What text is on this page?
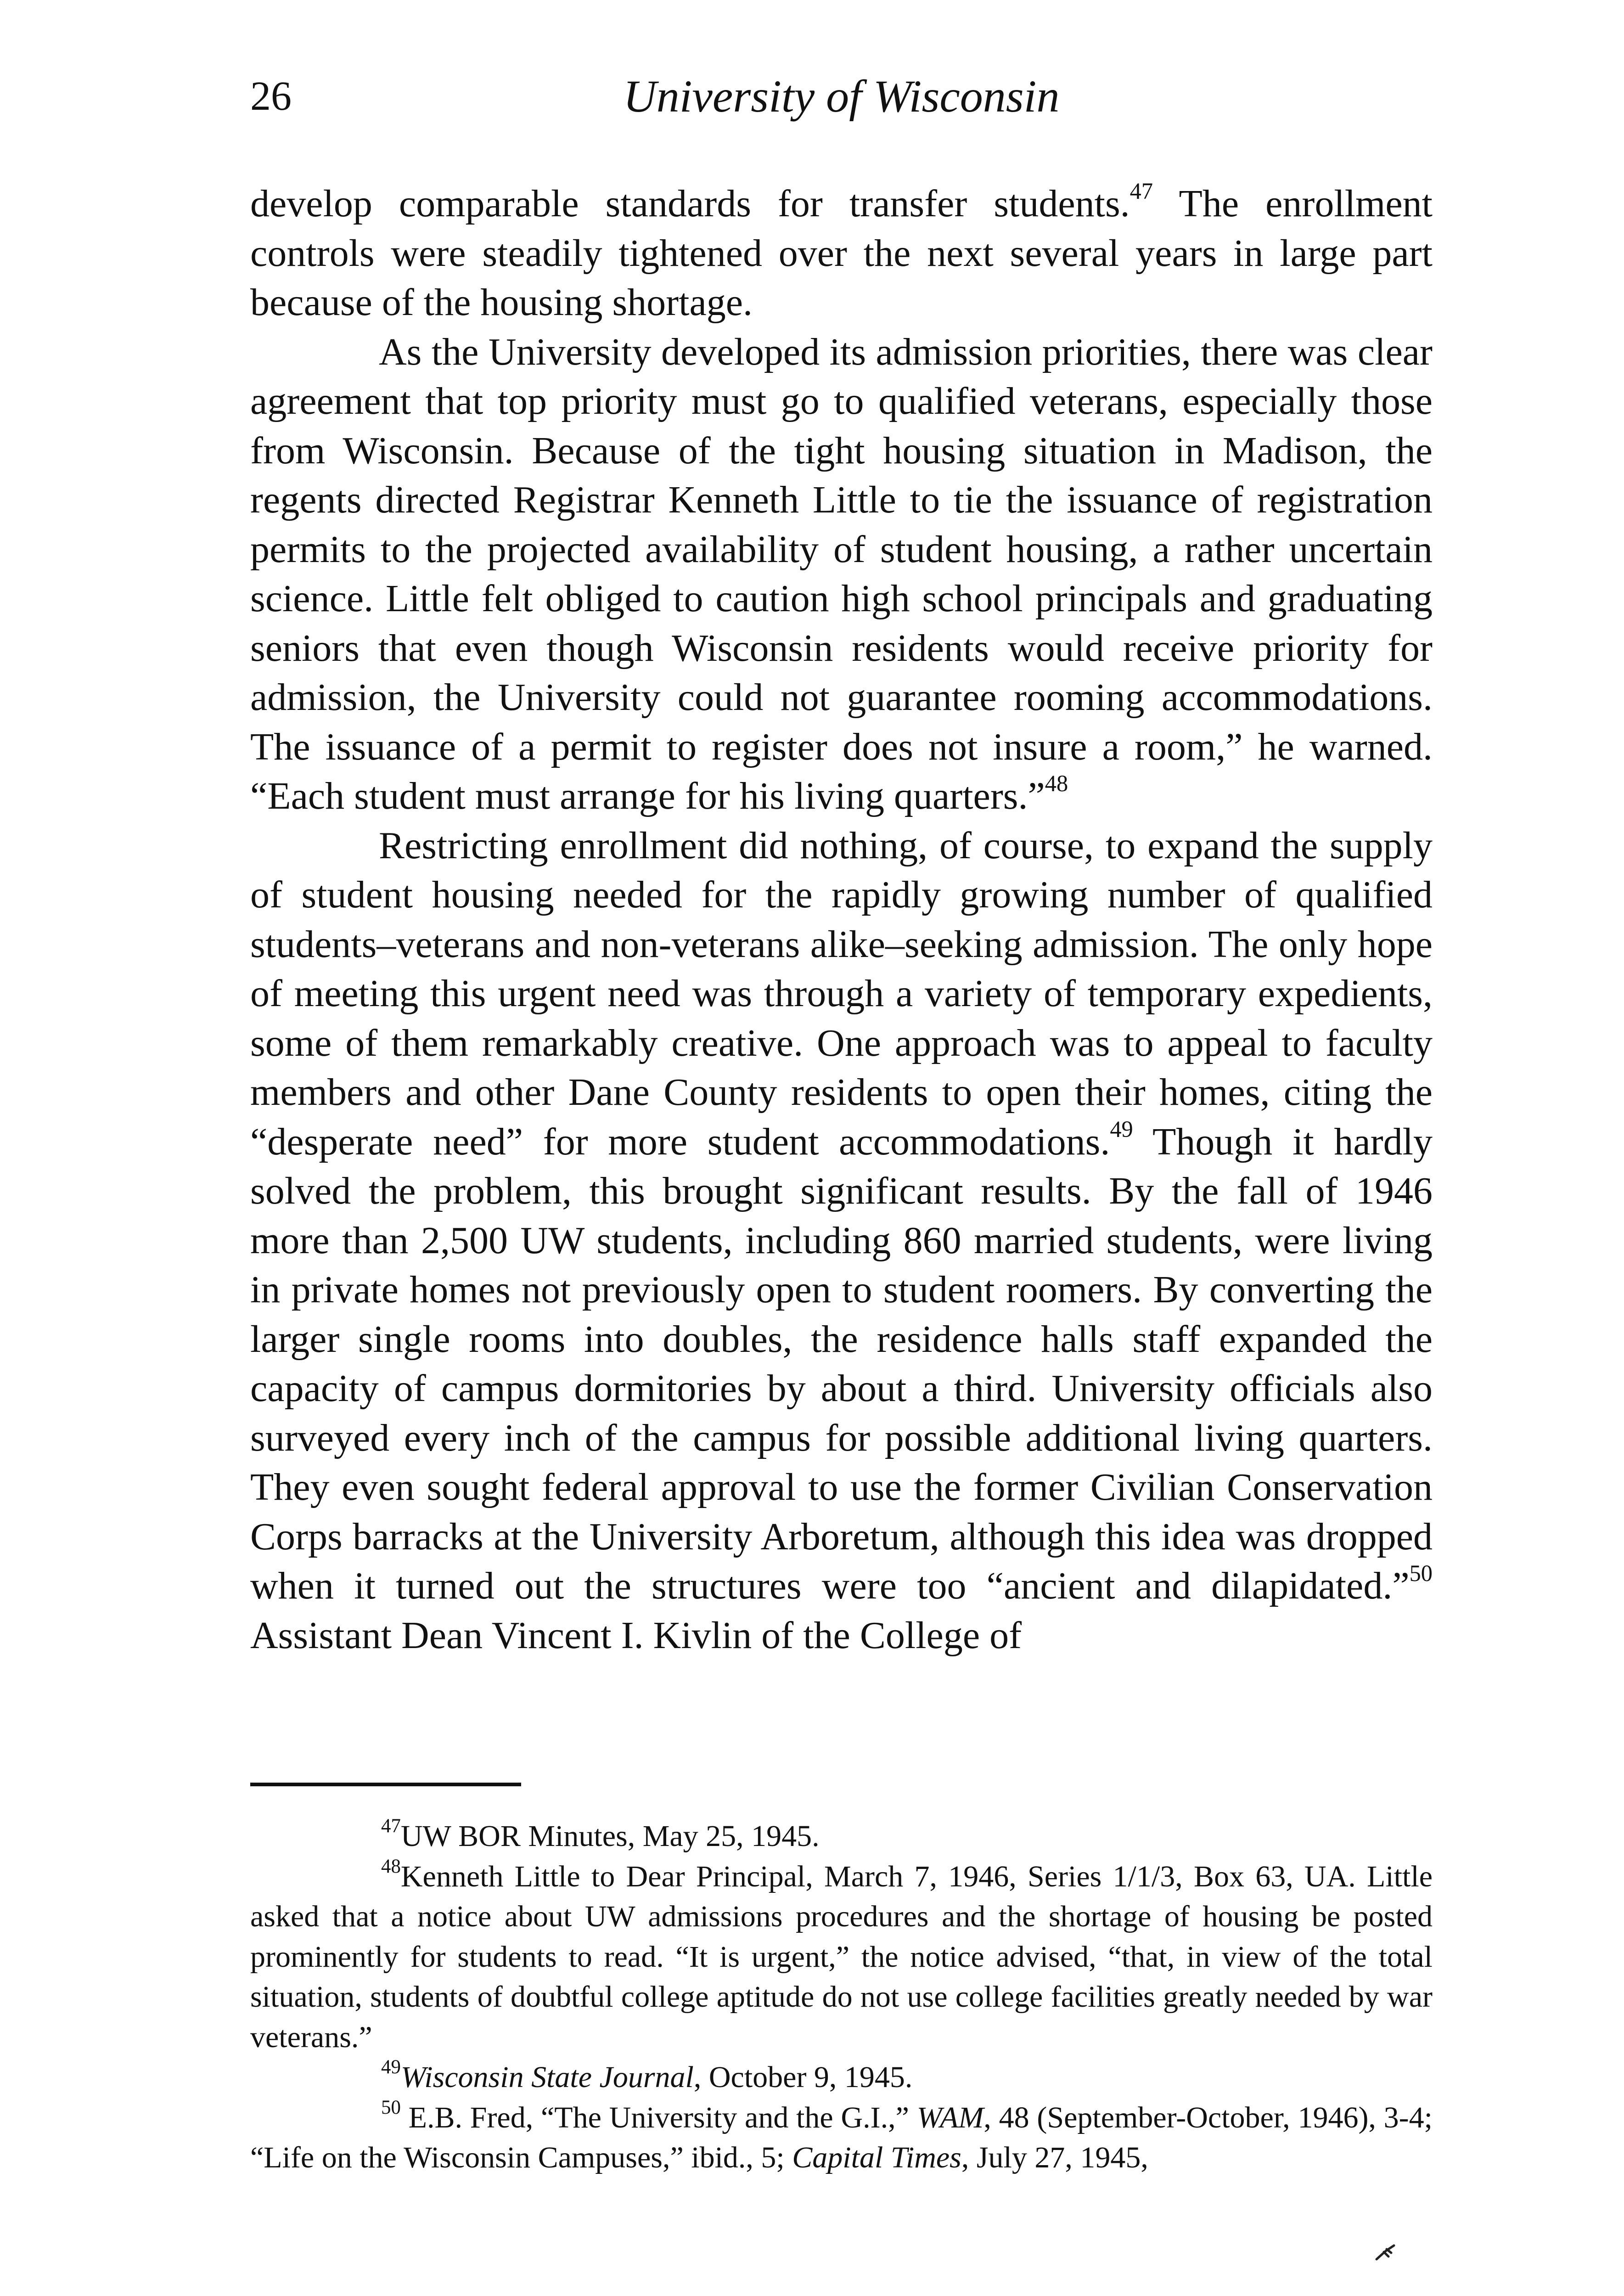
26	University of Wisconsin

develop comparable standards for transfer students.$^{47}$ The enrollment controls were steadily tightened over the next several years in large part because of the housing shortage.

As the University developed its admission priorities, there was clear agreement that top priority must go to qualified veterans, especially those from Wisconsin. Because of the tight housing situation in Madison, the regents directed Registrar Kenneth Little to tie the issuance of registration permits to the projected availability of student housing, a rather uncertain science. Little felt obliged to caution high school principals and graduating seniors that even though Wisconsin residents would receive priority for admission, the University could not guarantee rooming accommodations. The issuance of a permit to register does not insure a room,” he warned. “Each student must arrange for his living quarters.”$^{48}$

Restricting enrollment did nothing, of course, to expand the supply of student housing needed for the rapidly growing number of qualified students–veterans and non-veterans alike–seeking admission. The only hope of meeting this urgent need was through a variety of temporary expedients, some of them remarkably creative. One approach was to appeal to faculty members and other Dane County residents to open their homes, citing the “desperate need” for more student accommodations.$^{49}$ Though it hardly solved the problem, this brought significant results. By the fall of 1946 more than 2,500 UW students, including 860 married students, were living in private homes not previously open to student roomers. By converting the larger single rooms into doubles, the residence halls staff expanded the capacity of campus dormitories by about a third. University officials also surveyed every inch of the campus for possible additional living quarters. They even sought federal approval to use the former Civilian Conservation Corps barracks at the University Arboretum, although this idea was dropped when it turned out the structures were too “ancient and dilapidated.”$^{50}$ Assistant Dean Vincent I. Kivlin of the College of

$^{47}$UW BOR Minutes, May 25, 1945.

$^{48}$Kenneth Little to Dear Principal, March 7, 1946, Series 1/1/3, Box 63, UA. Little asked that a notice about UW admissions procedures and the shortage of housing be posted prominently for students to read. “It is urgent,” the notice advised, “that, in view of the total situation, students of doubtful college aptitude do not use college facilities greatly needed by war veterans.”

$^{49}$Wisconsin State Journal, October 9, 1945.

$^{50}$ E.B. Fred, “The University and the G.I.,” WAM, 48 (September-October, 1946), 3-4; “Life on the Wisconsin Campuses,” ibid., 5; Capital Times, July 27, 1945,
